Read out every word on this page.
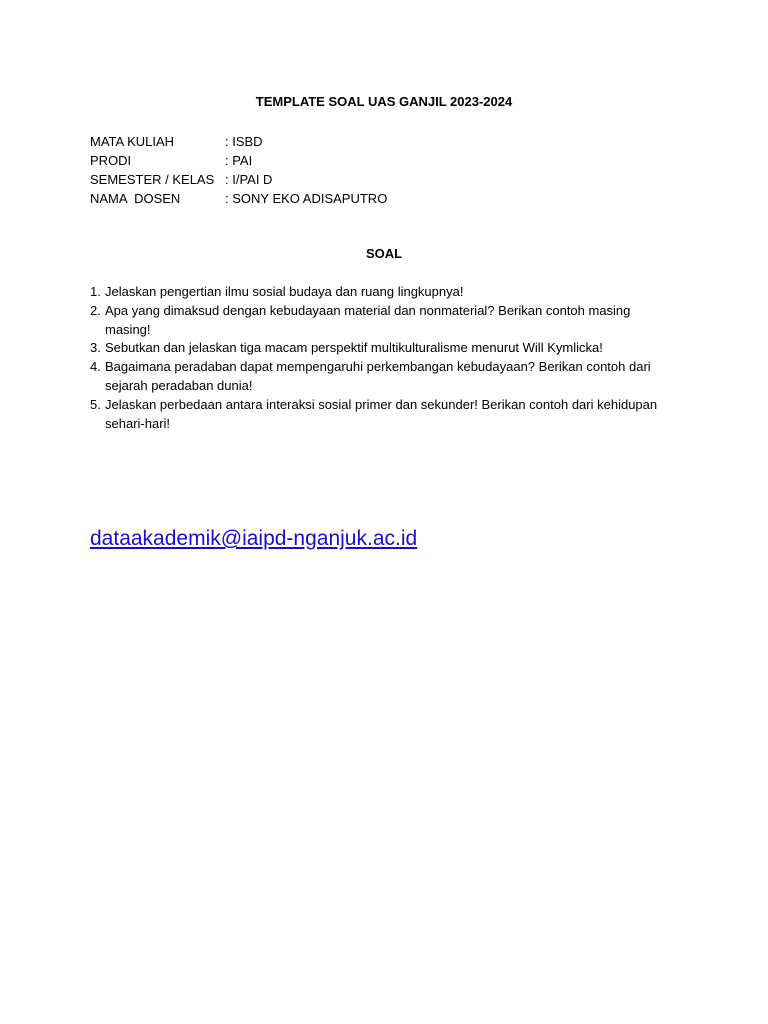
TEMPLATE SOAL UAS GANJIL 2023-2024
MATA KULIAH	: ISBD
PRODI	: PAI
SEMESTER / KELAS : I/PAI D
NAMA  DOSEN	: SONY EKO ADISAPUTRO
SOAL
1. Jelaskan pengertian ilmu sosial budaya dan ruang lingkupnya!
2. Apa yang dimaksud dengan kebudayaan material dan nonmaterial? Berikan contoh masing masing!
3. Sebutkan dan jelaskan tiga macam perspektif multikulturalisme menurut Will Kymlicka!
4. Bagaimana peradaban dapat mempengaruhi perkembangan kebudayaan? Berikan contoh dari sejarah peradaban dunia!
5. Jelaskan perbedaan antara interaksi sosial primer dan sekunder! Berikan contoh dari kehidupan sehari-hari!
dataakademik@iaipd-nganjuk.ac.id
